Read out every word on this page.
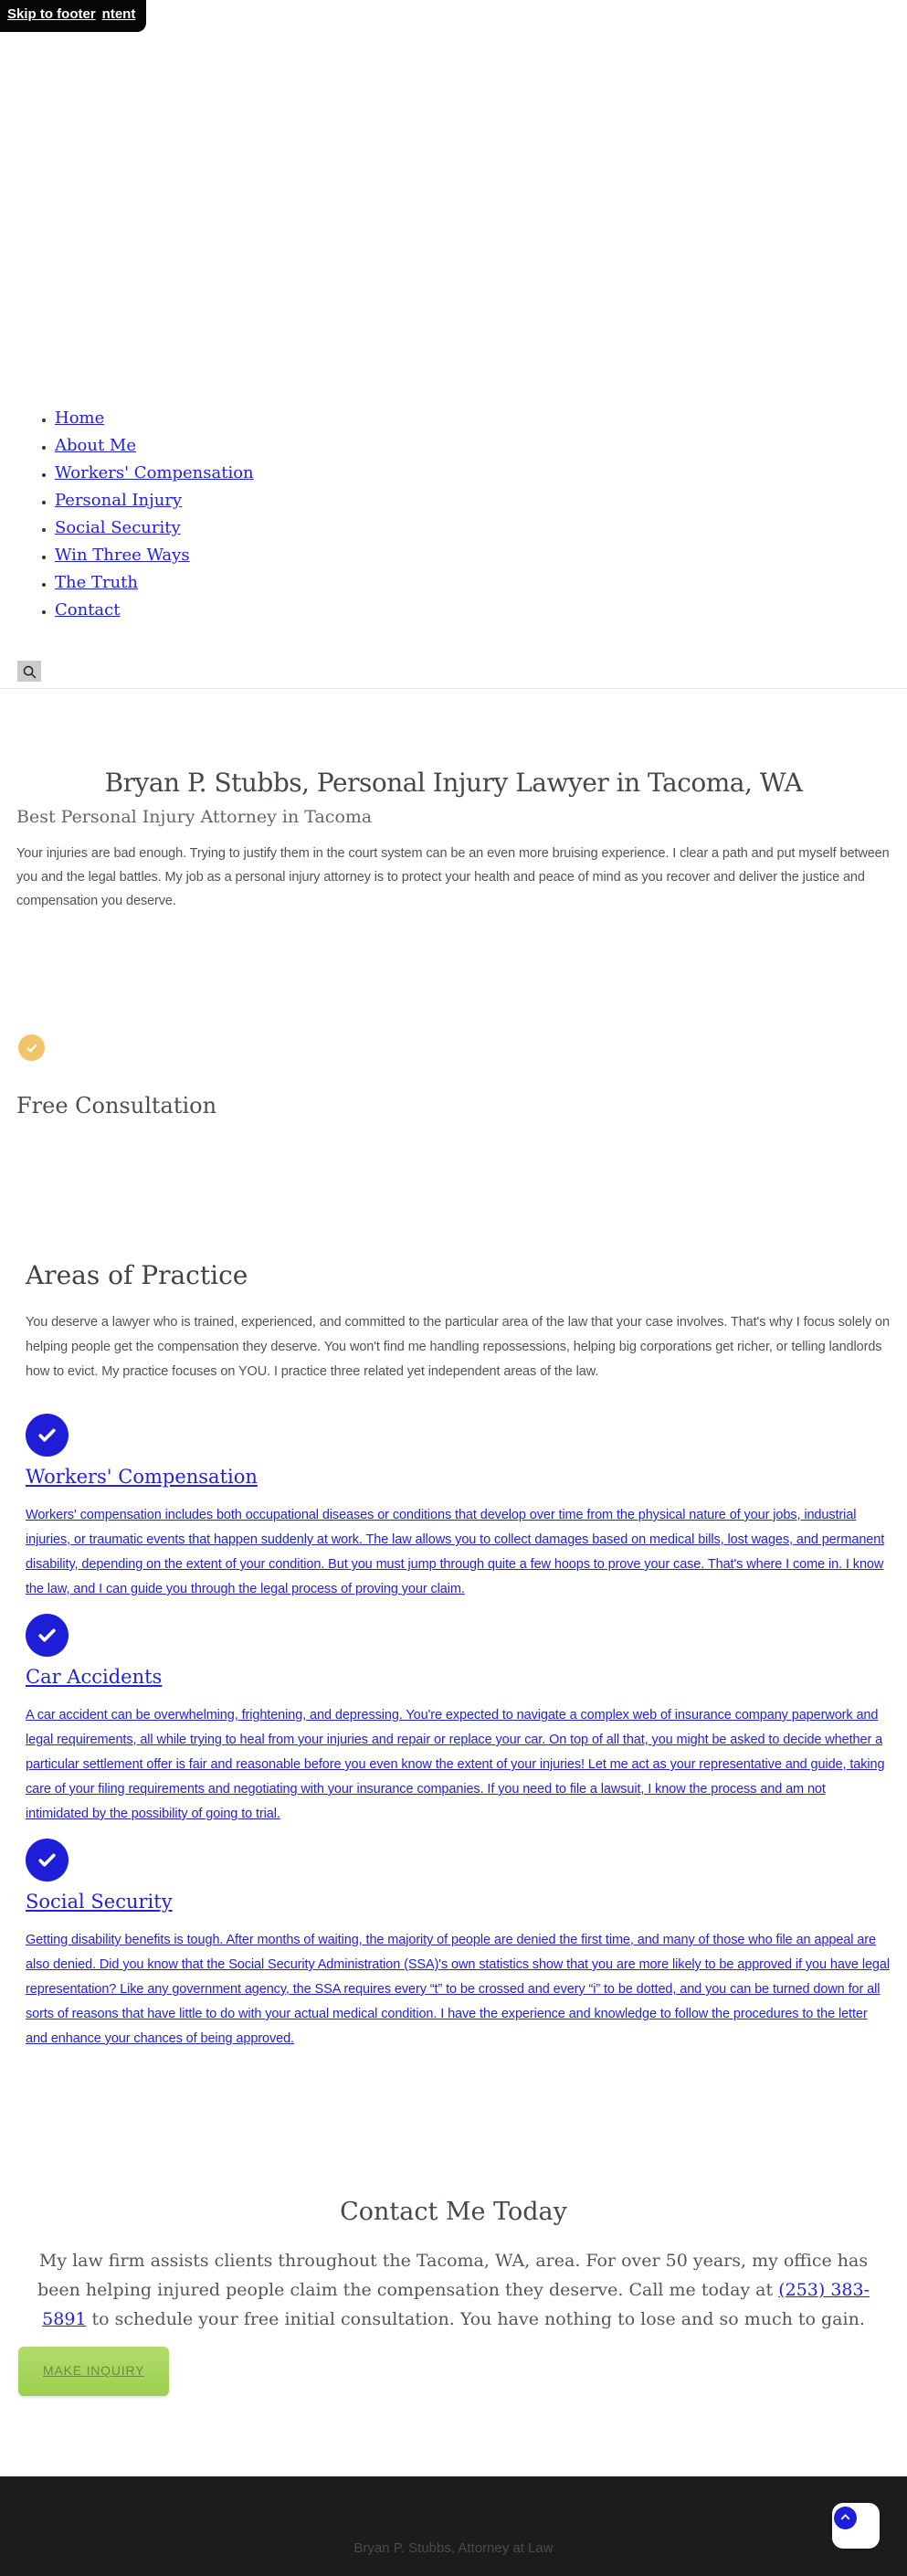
Skip to footer ntent
• Home
• About Me
• Workers' Compensation
• Personal Injury
• Social Security
• Win Three Ways
• The Truth
• Contact
Bryan P. Stubbs, Personal Injury Lawyer in Tacoma, WA
Best Personal Injury Attorney in Tacoma

Your injuries are bad enough. Trying to justify them in the court system can be an even more bruising experience. I clear a path and put myself between you and the legal battles. My job as a personal injury attorney is to protect your health and peace of mind as you recover and deliver the justice and compensation you deserve.

Free Consultation
Areas of Practice

You deserve a lawyer who is trained, experienced, and committed to the particular area of the law that your case involves. That's why I focus solely on helping people get the compensation they deserve. You won't find me handling repossessions, helping big corporations get richer, or telling landlords how to evict. My practice focuses on YOU. I practice three related yet independent areas of the law.

Workers' Compensation

Workers' compensation includes both occupational diseases or conditions that develop over time from the physical nature of your jobs, industrial injuries, or traumatic events that happen suddenly at work. The law allows you to collect damages based on medical bills, lost wages, and permanent disability, depending on the extent of your condition. But you must jump through quite a few hoops to prove your case. That's where I come in. I know the law, and I can guide you through the legal process of proving your claim.

Car Accidents

A car accident can be overwhelming, frightening, and depressing. You're expected to navigate a complex web of insurance company paperwork and legal requirements, all while trying to heal from your injuries and repair or replace your car. On top of all that, you might be asked to decide whether a particular settlement offer is fair and reasonable before you even know the extent of your injuries! Let me act as your representative and guide, taking care of your filing requirements and negotiating with your insurance companies. If you need to file a lawsuit, I know the process and am not intimidated by the possibility of going to trial.

Social Security

Getting disability benefits is tough. After months of waiting, the majority of people are denied the first time, and many of those who file an appeal are also denied. Did you know that the Social Security Administration (SSA)'s own statistics show that you are more likely to be approved if you have legal representation? Like any government agency, the SSA requires every “t” to be crossed and every “i” to be dotted, and you can be turned down for all sorts of reasons that have little to do with your actual medical condition. I have the experience and knowledge to follow the procedures to the letter and enhance your chances of being approved.

Contact Me Today

My law firm assists clients throughout the Tacoma, WA, area. For over 50 years, my office has been helping injured people claim the compensation they deserve. Call me today at (253) 383-5891 to schedule your free initial consultation. You have nothing to lose and so much to gain.

MAKE INQUIRY

Bryan P. Stubbs, Attorney at Law
